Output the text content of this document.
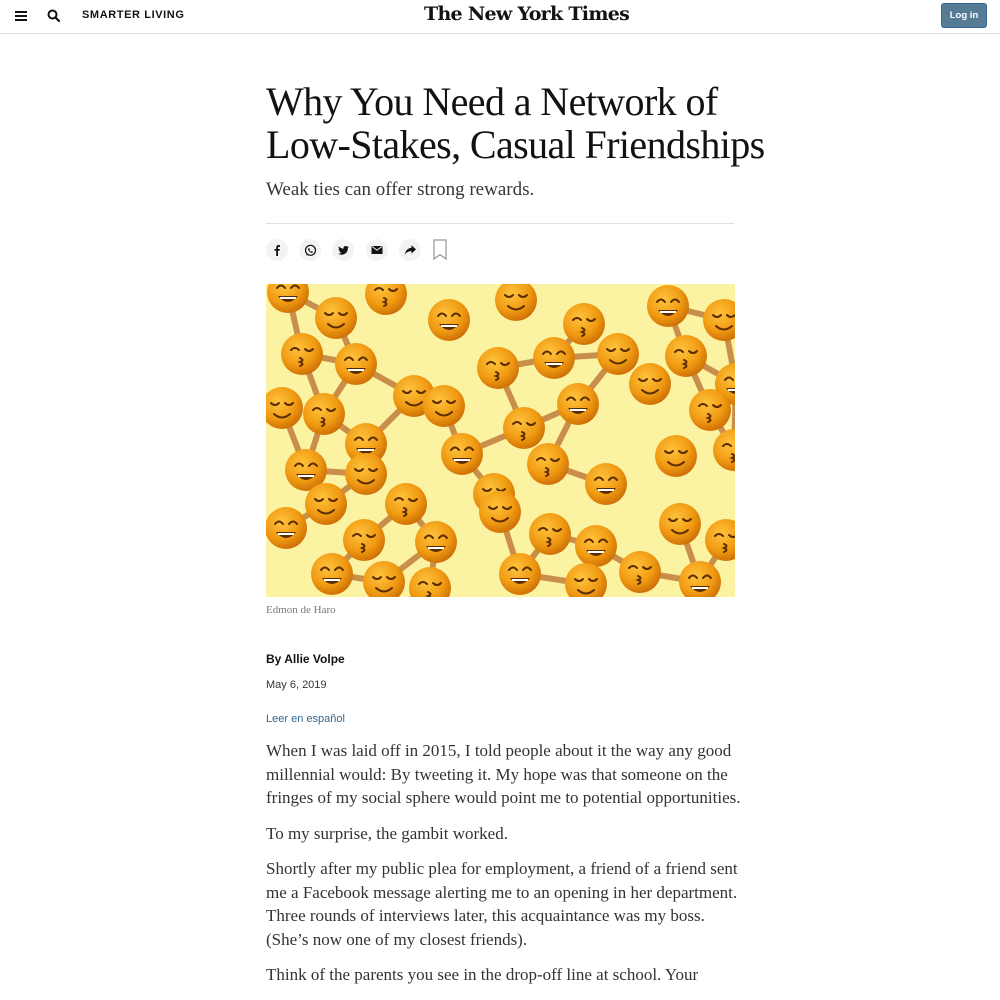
SMARTER LIVING	The New York Times	Log in
Why You Need a Network of Low-Stakes, Casual Friendships

Weak ties can offer strong rewards.

Edmon de Haro
By Allie Volpe
May 6, 2019
Leer en español

When I was laid off in 2015, I told people about it the way any good millennial would: By tweeting it. My hope was that someone on the fringes of my social sphere would point me to potential opportunities.

To my surprise, the gambit worked.

Shortly after my public plea for employment, a friend of a friend sent me a Facebook message alerting me to an opening in her department. Three rounds of interviews later, this acquaintance was my boss. (She’s now one of my closest friends).

Think of the parents you see in the drop-off line at school. Your
